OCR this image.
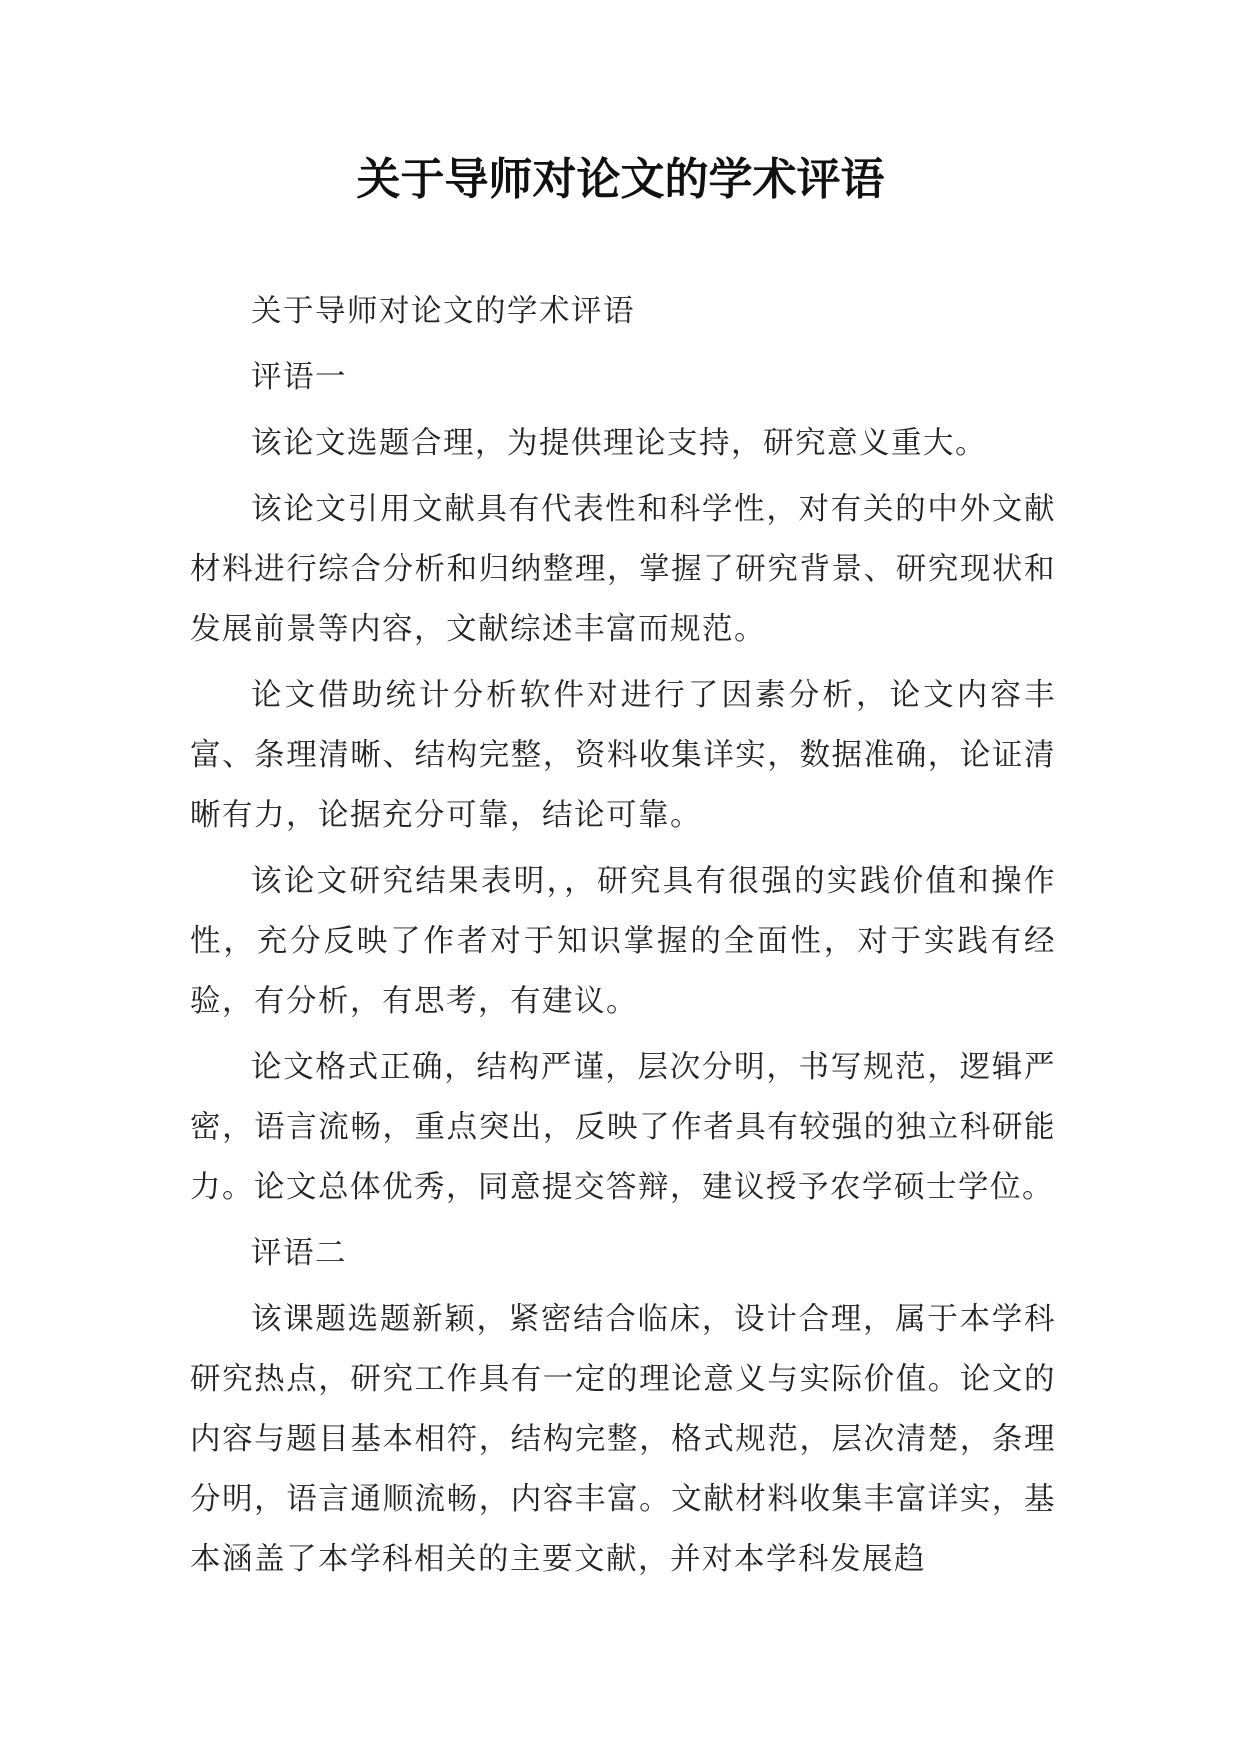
关于导师对论文的学术评语

关于导师对论文的学术评语

评语一

该论文选题合理，为提供理论支持，研究意义重大。

该论文引用文献具有代表性和科学性，对有关的中外文献材料进行综合分析和归纳整理，掌握了研究背景、研究现状和发展前景等内容，文献综述丰富而规范。

论文借助统计分析软件对进行了因素分析，论文内容丰富、条理清晰、结构完整，资料收集详实，数据准确，论证清晰有力，论据充分可靠，结论可靠。

该论文研究结果表明，，研究具有很强的实践价值和操作性，充分反映了作者对于知识掌握的全面性，对于实践有经验，有分析，有思考，有建议。

论文格式正确，结构严谨，层次分明，书写规范，逻辑严密，语言流畅，重点突出，反映了作者具有较强的独立科研能力。论文总体优秀，同意提交答辩，建议授予农学硕士学位。

评语二

该课题选题新颖，紧密结合临床，设计合理，属于本学科研究热点，研究工作具有一定的理论意义与实际价值。论文的内容与题目基本相符，结构完整，格式规范，层次清楚，条理分明，语言通顺流畅，内容丰富。文献材料收集丰富详实，基本涵盖了本学科相关的主要文献，并对本学科发展趋
